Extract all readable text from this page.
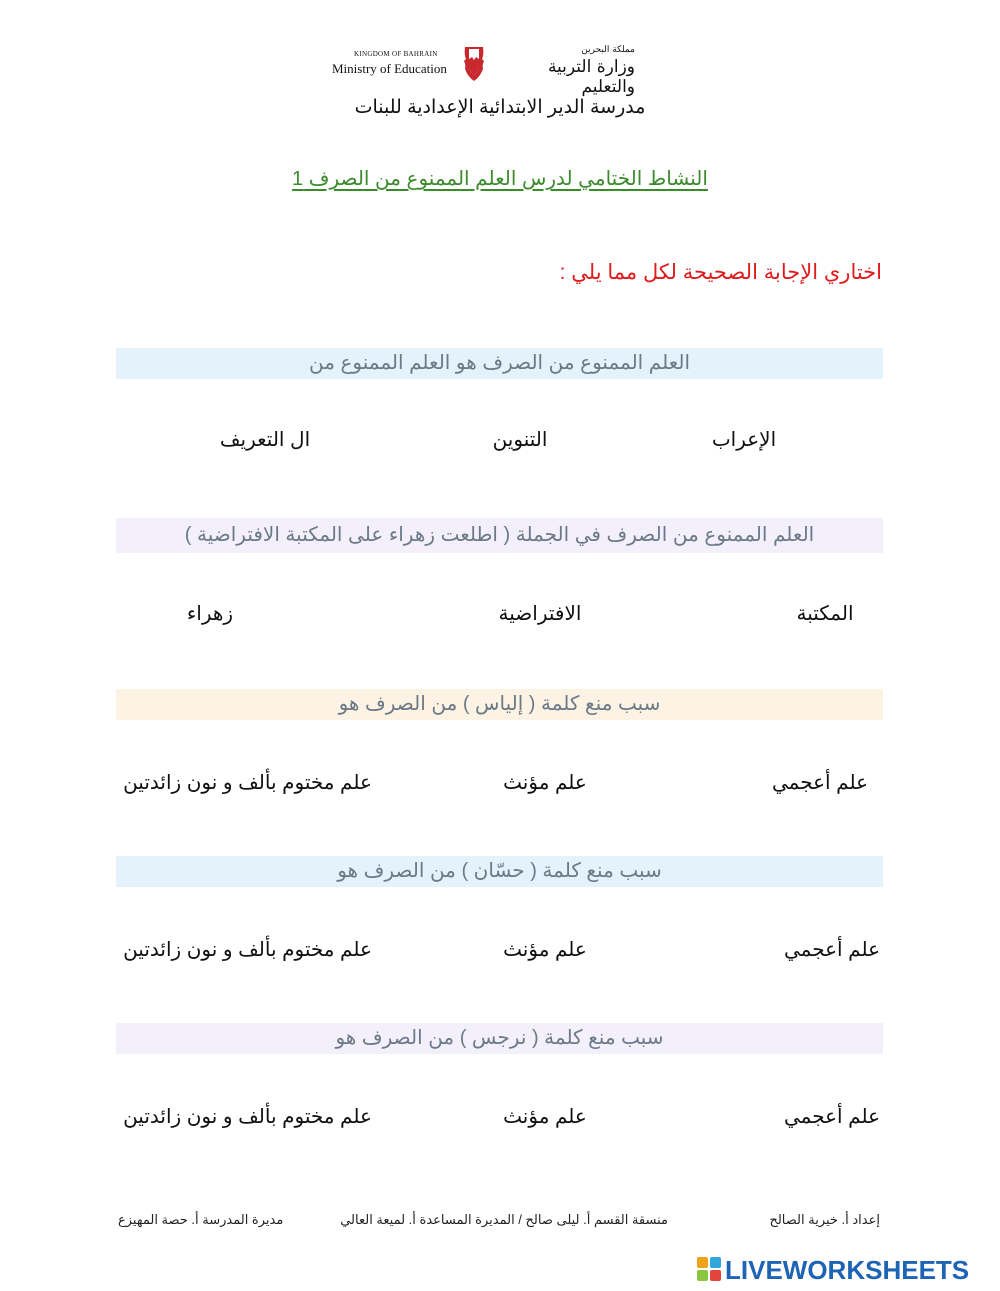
KINGDOM OF BAHRAIN
Ministry of Education
مملكة البحرين
وزارة التربية والتعليم
مدرسة الدير الابتدائية الإعدادية للبنات
النشاط الختامي لدرس العلم الممنوع من الصرف 1
اختاري الإجابة الصحيحة لكل مما يلي :
العلم الممنوع من الصرف هو العلم الممنوع من
الإعراب
التنوين
ال التعريف
العلم الممنوع من الصرف في الجملة ( اطلعت زهراء على المكتبة الافتراضية )
المكتبة
الافتراضية
زهراء
سبب منع كلمة ( إلياس ) من الصرف هو
علم أعجمي
علم مؤنث
علم مختوم بألف و نون زائدتين
سبب منع كلمة ( حسّان ) من الصرف هو
علم أعجمي
علم مؤنث
علم مختوم بألف و نون زائدتين
سبب منع كلمة ( نرجس ) من الصرف هو
علم أعجمي
علم مؤنث
علم مختوم بألف و نون زائدتين
إعداد أ. خيرية الصالح
منسقة القسم أ. ليلى صالح / المديرة المساعدة أ. لميعة العالي
مديرة المدرسة أ. حصة المهيزع
LIVEWORKSHEETS
